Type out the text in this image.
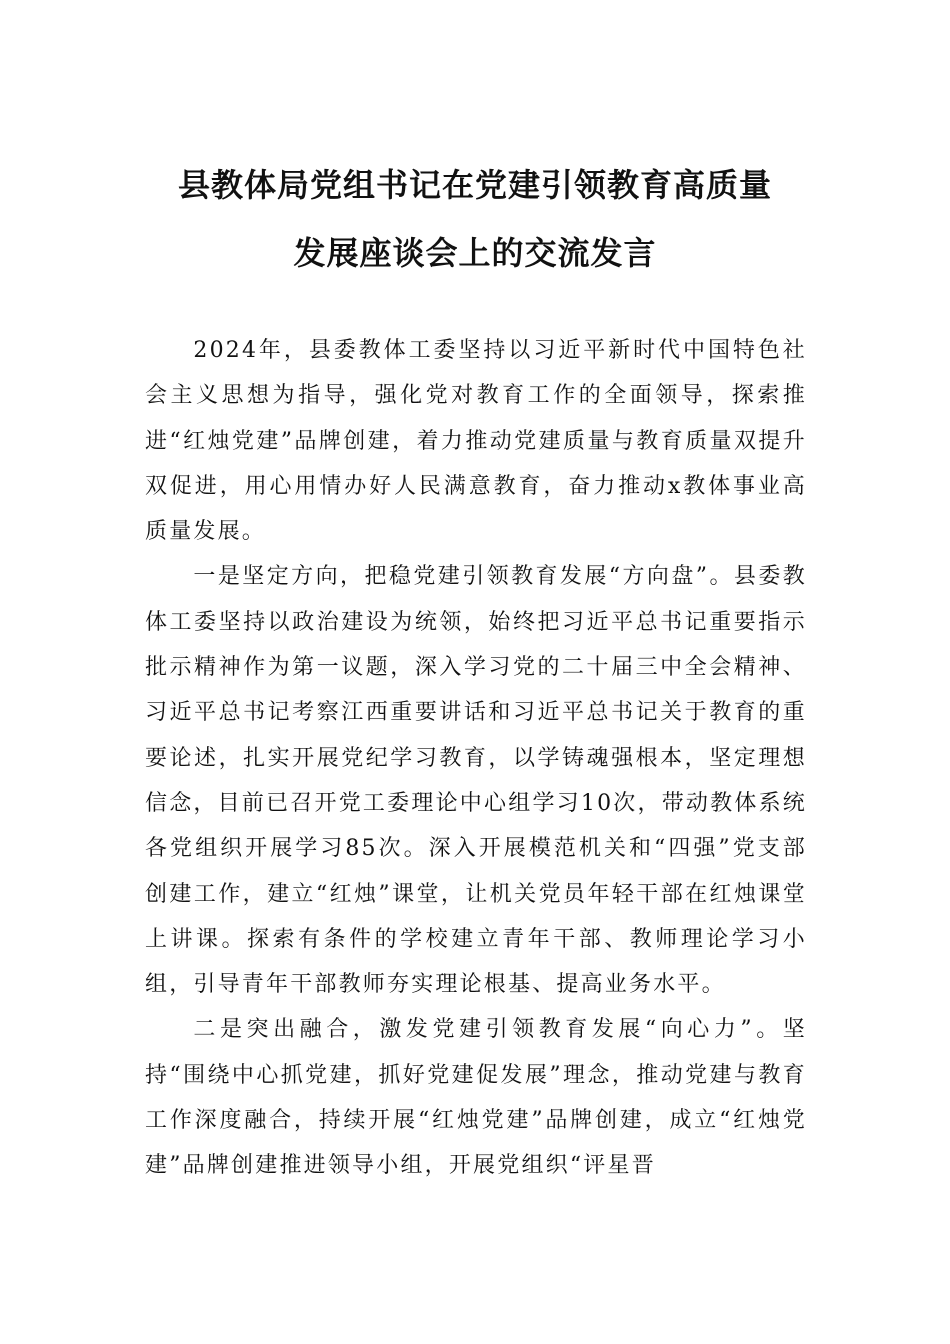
县教体局党组书记在党建引领教育高质量
发展座谈会上的交流发言

2024年，县委教体工委坚持以习近平新时代中国特色社会主义思想为指导，强化党对教育工作的全面领导，探索推进“红烛党建”品牌创建，着力推动党建质量与教育质量双提升双促进，用心用情办好人民满意教育，奋力推动x教体事业高质量发展。

一是坚定方向，把稳党建引领教育发展“方向盘”。县委教体工委坚持以政治建设为统领，始终把习近平总书记重要指示批示精神作为第一议题，深入学习党的二十届三中全会精神、习近平总书记考察江西重要讲话和习近平总书记关于教育的重要论述，扎实开展党纪学习教育，以学铸魂强根本，坚定理想信念，目前已召开党工委理论中心组学习10次，带动教体系统各党组织开展学习85次。深入开展模范机关和“四强”党支部创建工作，建立“红烛”课堂，让机关党员年轻干部在红烛课堂上讲课。探索有条件的学校建立青年干部、教师理论学习小组，引导青年干部教师夯实理论根基、提高业务水平。

二是突出融合，激发党建引领教育发展“向心力”。坚持“围绕中心抓党建，抓好党建促发展”理念，推动党建与教育工作深度融合，持续开展“红烛党建”品牌创建，成立“红烛党建”品牌创建推进领导小组，开展党组织“评星晋
